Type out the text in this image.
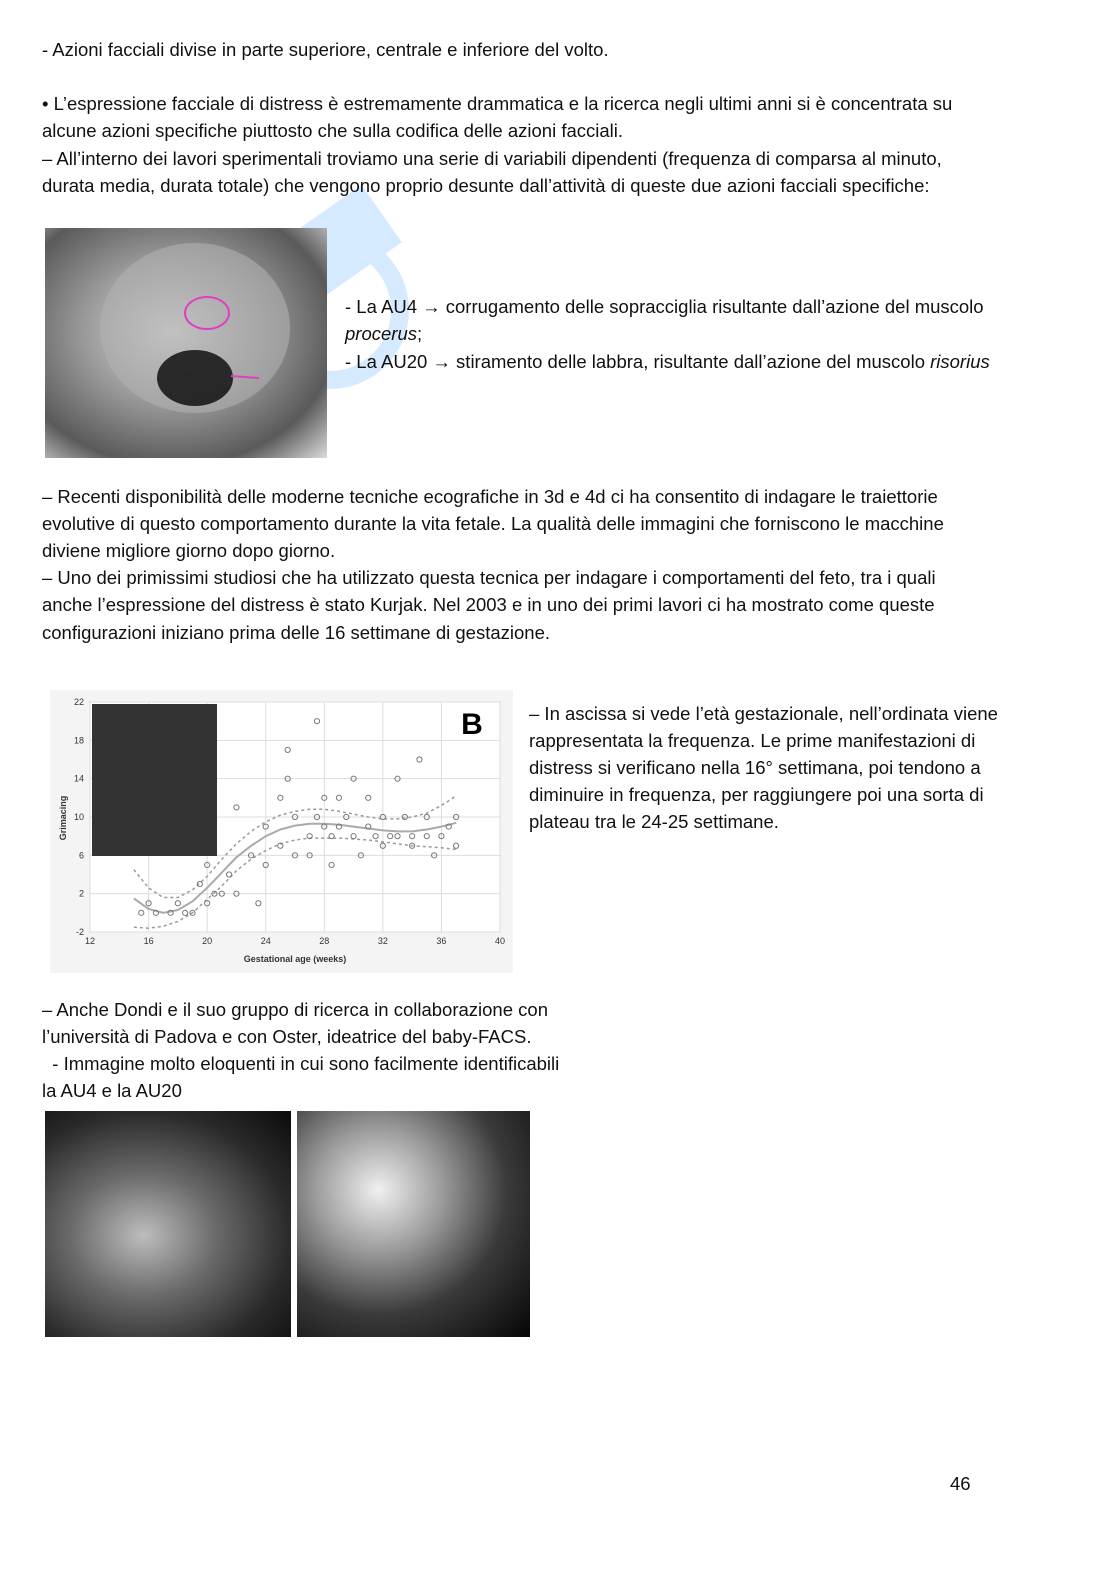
- Azioni facciali divise in parte superiore, centrale e inferiore del volto.

• L’espressione facciale di distress è estremamente drammatica e la ricerca negli ultimi anni si è concentrata su

alcune azioni specifiche piuttosto che sulla codifica delle azioni facciali.

– All’interno dei lavori sperimentali troviamo una serie di variabili dipendenti (frequenza di comparsa al minuto,

durata media, durata totale) che vengono proprio desunte dall’attività di queste due azioni facciali specifiche:

- La AU4 → corrugamento delle sopracciglia risultante dall’azione del muscolo

procerus;

- La AU20 → stiramento delle labbra, risultante dall’azione del muscolo risorius

– Recenti disponibilità delle moderne tecniche ecografiche in 3d e 4d ci ha consentito di indagare le traiettorie

evolutive di questo comportamento durante la vita fetale. La qualità delle immagini che forniscono le macchine

diviene migliore giorno dopo giorno.

– Uno dei primissimi studiosi che ha utilizzato questa tecnica per indagare i comportamenti del feto, tra i quali

anche l’espressione del distress è stato Kurjak. Nel 2003 e in uno dei primi lavori ci ha mostrato come queste

configurazioni iniziano prima delle 16 settimane di gestazione.

12	16	20	24	28	32	36	40
-2
2
6
10
14
18
22
B
Gestational age (weeks)
Grimacing

– In ascissa si vede l’età gestazionale, nell’ordinata viene

rappresentata la frequenza. Le prime manifestazioni di

distress si verificano nella 16° settimana, poi tendono a

diminuire in frequenza, per raggiungere poi una sorta di

plateau tra le 24-25 settimane.

– Anche Dondi e il suo gruppo di ricerca in collaborazione con

l’università di Padova e con Oster, ideatrice del baby-FACS.

- Immagine molto eloquenti in cui sono facilmente identificabili

la AU4 e la AU20

46
